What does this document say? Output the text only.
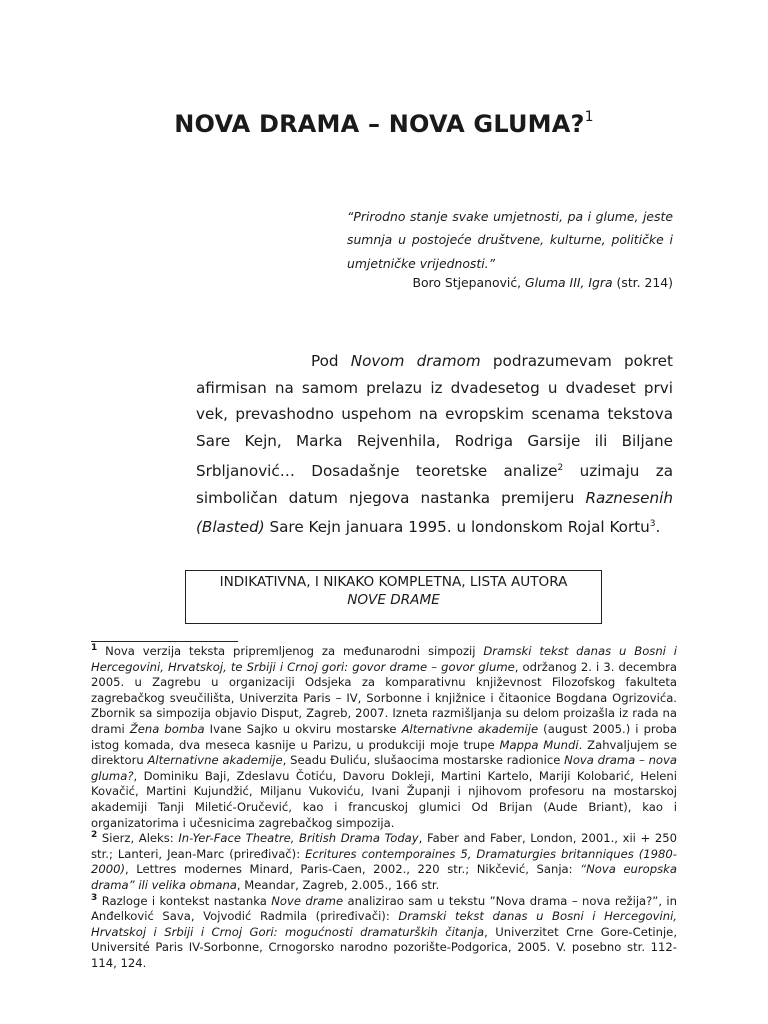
NOVA DRAMA – NOVA GLUMA?$^1$
“Prirodno stanje svake umjetnosti, pa i glume, jeste sumnja u postojeće društvene, kulturne, političke i umjetničke vrijednosti.”
Boro Stjepanović, Gluma III, Igra (str. 214)

Pod Novom dramom podrazumevam pokret afirmisan na samom prelazu iz dvadesetog u dvadeset prvi vek, prevashodno uspehom na evropskim scenama tekstova Sare Kejn, Marka Rejvenhila, Rodriga Garsije ili Biljane Srbljanović… Dosadašnje teoretske analize$^2$ uzimaju za simboličan datum njegova nastanka premijeru Raznesenih (Blasted) Sare Kejn januara 1995. u londonskom Rojal Kortu$^3$.

INDIKATIVNA, I NIKAKO KOMPLETNA, LISTA AUTORA
NOVE DRAME

$^1$ Nova verzija teksta pripremljenog za međunarodni simpozij Dramski tekst danas u Bosni i Hercegovini, Hrvatskoj, te Srbiji i Crnoj gori: govor drame – govor glume, održanog 2. i 3. decembra 2005. u Zagrebu u organizaciji Odsjeka za komparativnu književnost Filozofskog fakulteta zagrebačkog sveučilišta, Univerzita Paris – IV, Sorbonne i knjižnice i čitaonice Bogdana Ogrizovića. Zbornik sa simpozija objavio Disput, Zagreb, 2007. Izneta razmišljanja su delom proizašla iz rada na drami Žena bomba Ivane Sajko u okviru mostarske Alternativne akademije (august 2005.) i proba istog komada, dva meseca kasnije u Parizu, u produkciji moje trupe Mappa Mundi. Zahvaljujem se direktoru Alternativne akademije, Seadu Đuliću, slušaocima mostarske radionice Nova drama – nova gluma?, Dominiku Baji, Zdeslavu Čotiću, Davoru Dokleji, Martini Kartelo, Mariji Kolobarić, Heleni Kovačić, Martini Kujundžić, Miljanu Vukoviću, Ivani Županji i njihovom profesoru na mostarskoj akademiji Tanji Miletić-Oručević, kao i francuskoj glumici Od Brijan (Aude Briant), kao i organizatorima i učesnicima zagrebačkog simpozija.

$^2$ Sierz, Aleks: In-Yer-Face Theatre, British Drama Today, Faber and Faber, London, 2001., xii + 250 str.; Lanteri, Jean-Marc (priređivač): Ecritures contemporaines 5, Dramaturgies britanniques (1980-2000), Lettres modernes Minard, Paris-Caen, 2002., 220 str.; Nikčević, Sanja: “Nova europska drama” ili velika obmana, Meandar, Zagreb, 2.005., 166 str.

$^3$ Razloge i kontekst nastanka Nove drame analizirao sam u tekstu ”Nova drama – nova režija?”, in Anđelković Sava, Vojvodić Radmila (priređivači): Dramski tekst danas u Bosni i Hercegovini, Hrvatskoj i Srbiji i Crnoj Gori: mogućnosti dramaturških čitanja, Univerzitet Crne Gore-Cetinje, Université Paris IV-Sorbonne, Crnogorsko narodno pozorište-Podgorica, 2005. V. posebno str. 112-114, 124.
